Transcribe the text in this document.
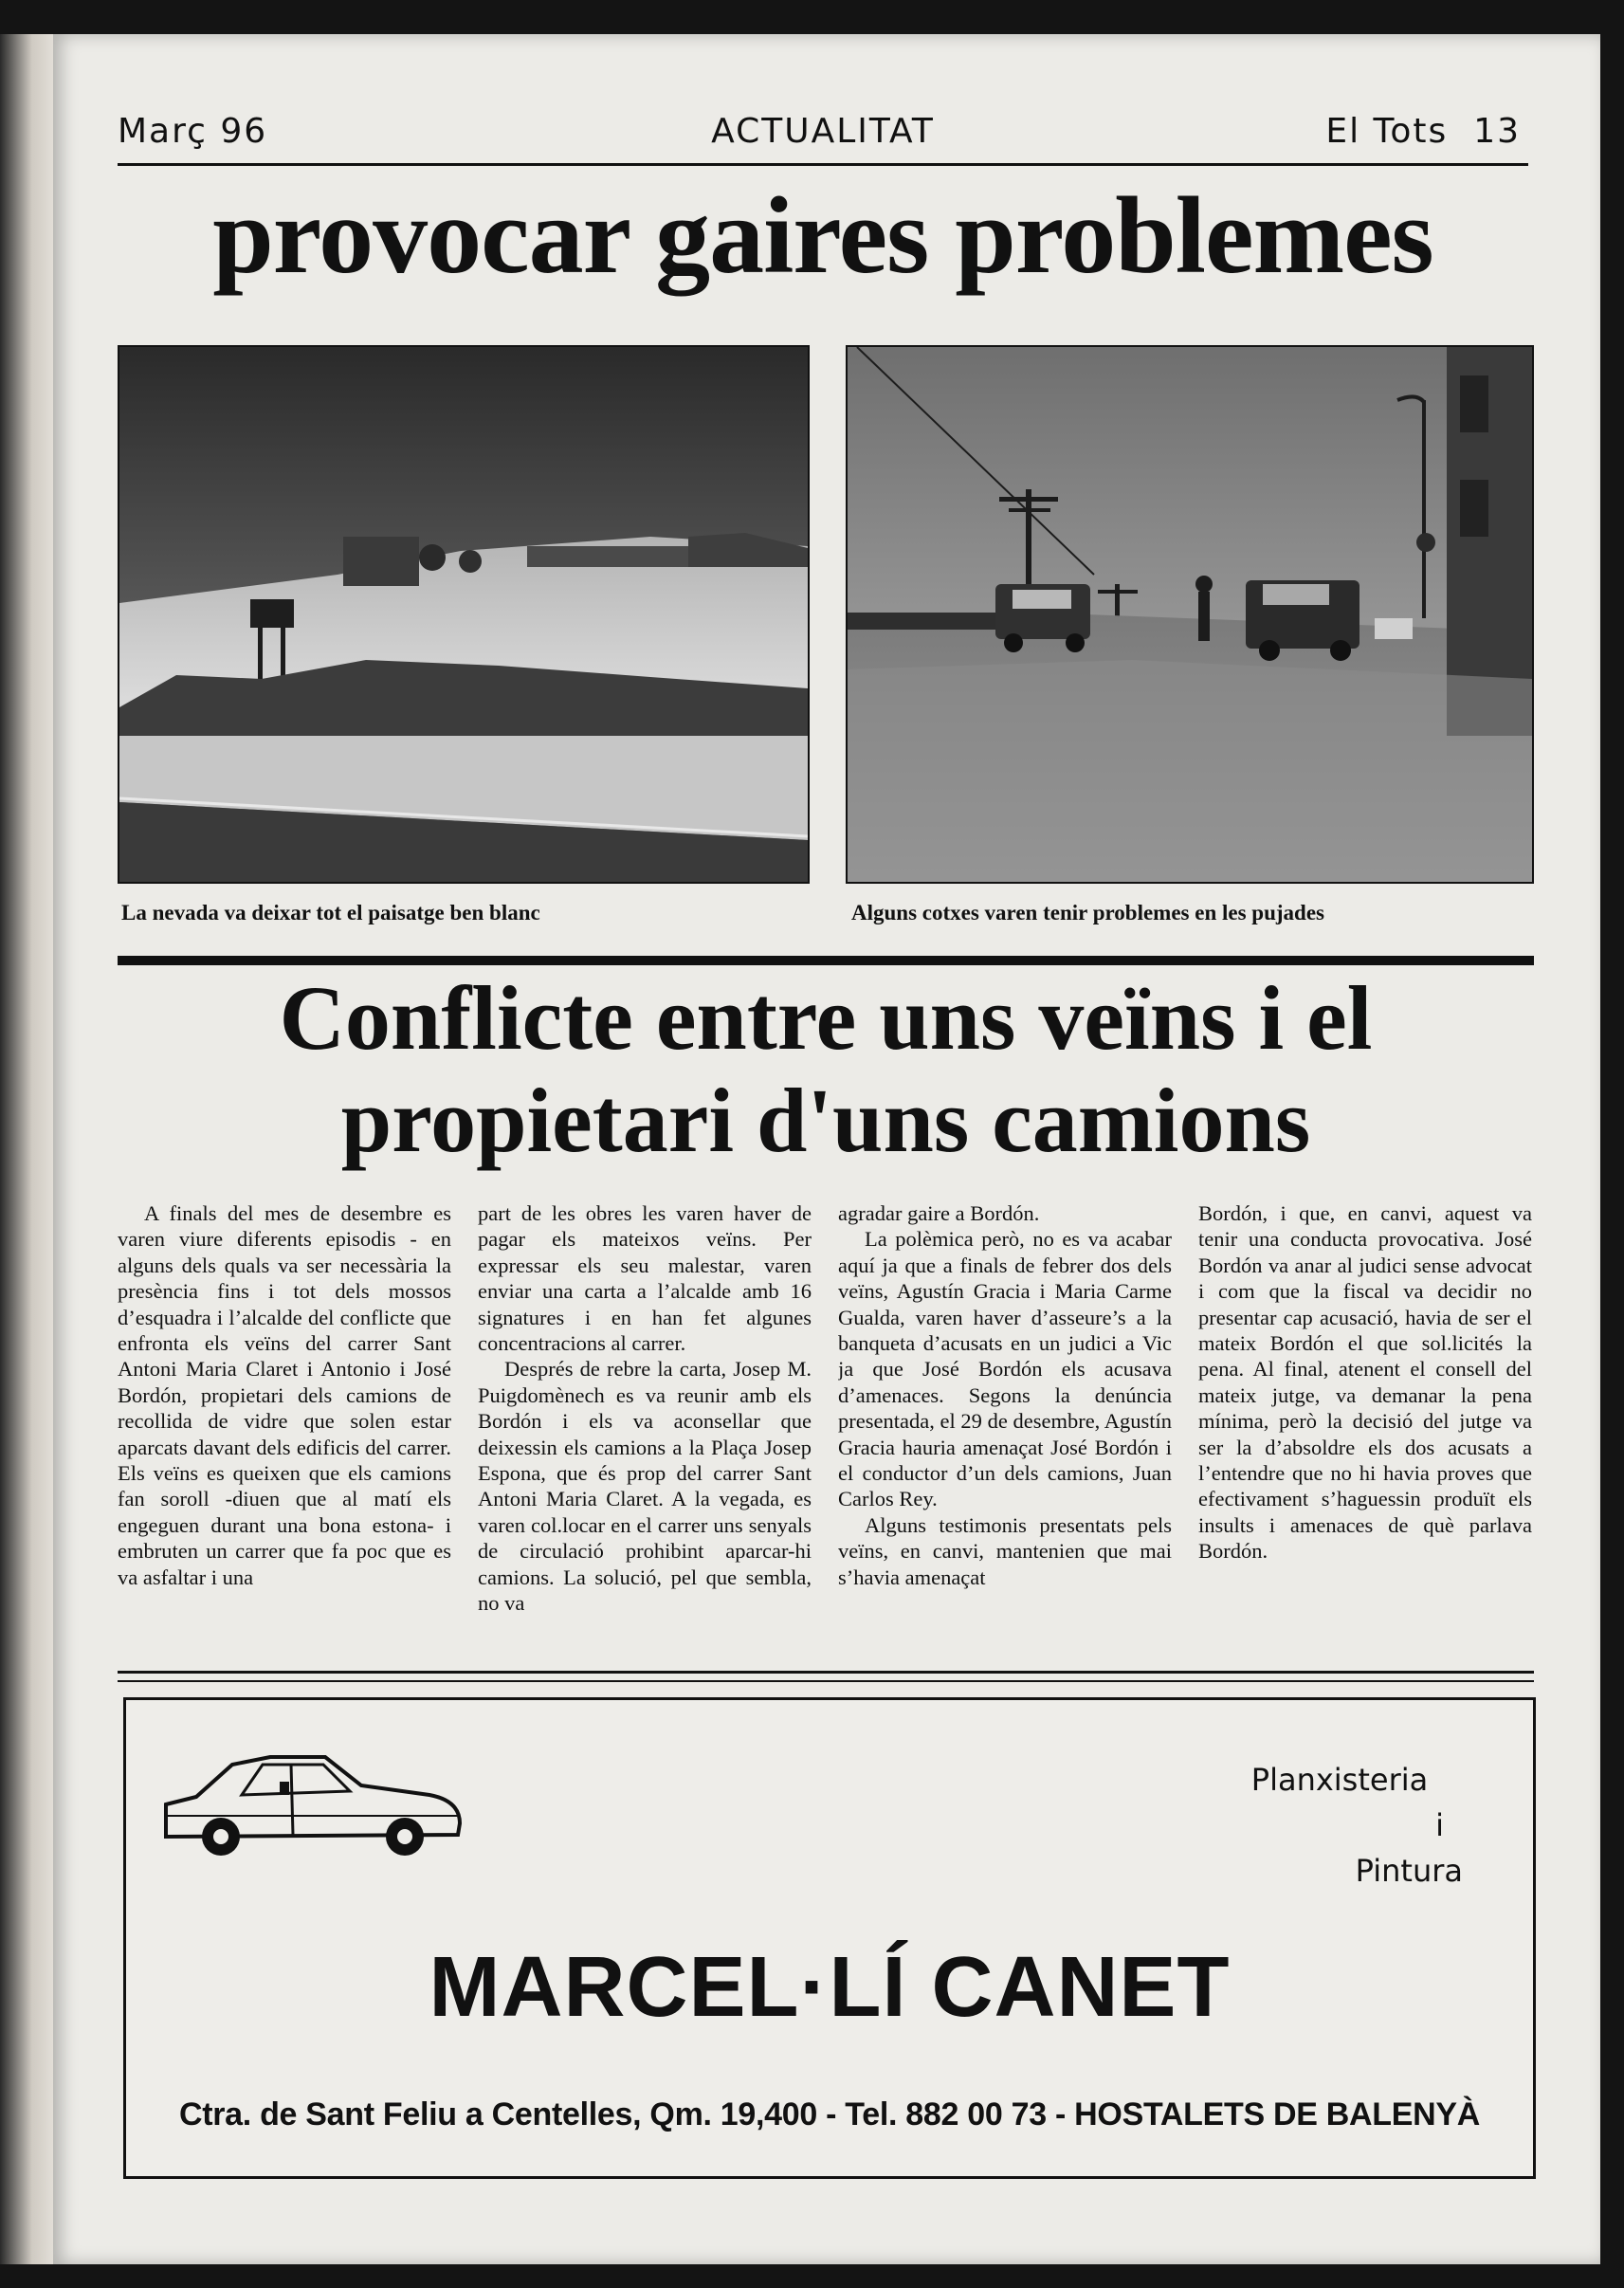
Març 96	ACTUALITAT	El Tots  13
provocar gaires problemes
La nevada va deixar tot el paisatge ben blanc	Alguns cotxes varen tenir problemes en les pujades
Conflicte entre uns veïns i el
propietari d'uns camions

A finals del mes de desembre es varen viure diferents episodis - en alguns dels quals va ser necessària la presència fins i tot dels mossos d’esquadra i l’alcalde del conflicte que enfronta els veïns del carrer Sant Antoni Maria Claret i Antonio i José Bordón, propietari dels camions de recollida de vidre que solen estar aparcats davant dels edificis del carrer. Els veïns es queixen que els camions fan soroll -diuen que al matí els engeguen durant una bona estona- i embruten un carrer que fa poc que es va asfaltar i una

part de les obres les varen haver de pagar els mateixos veïns. Per expressar els seu malestar, varen enviar una carta a l’alcalde amb 16 signatures i en han fet algunes concentracions al carrer.

Després de rebre la carta, Josep M. Puigdomènech es va reunir amb els Bordón i els va aconsellar que deixessin els camions a la Plaça Josep Espona, que és prop del carrer Sant Antoni Maria Claret. A la vegada, es varen col.locar en el carrer uns senyals de circulació prohibint aparcar-hi camions. La solució, pel que sembla, no va

agradar gaire a Bordón.

La polèmica però, no es va acabar aquí ja que a finals de febrer dos dels veïns, Agustín Gracia i Maria Carme Gualda, varen haver d’asseure’s a la banqueta d’acusats en un judici a Vic ja que José Bordón els acusava d’amenaces. Segons la denúncia presentada, el 29 de desembre, Agustín Gracia hauria amenaçat José Bordón i el conductor d’un dels camions, Juan Carlos Rey.

Alguns testimonis presentats pels veïns, en canvi, mantenien que mai s’havia amenaçat

Bordón, i que, en canvi, aquest va tenir una conducta provocativa. José Bordón va anar al judici sense advocat i com que la fiscal va decidir no presentar cap acusació, havia de ser el mateix Bordón el que sol.licités la pena. Al final, atenent el consell del mateix jutge, va demanar la pena mínima, però la decisió del jutge va ser la d’absoldre els dos acusats a l’entendre que no hi havia proves que efectivament s’haguessin produït els insults i amenaces de què parlava Bordón.

Planxisteria
i
Pintura
MARCEL·LÍ CANET
Ctra. de Sant Feliu a Centelles, Qm. 19,400 - Tel. 882 00 73 - HOSTALETS DE BALENYÀ
